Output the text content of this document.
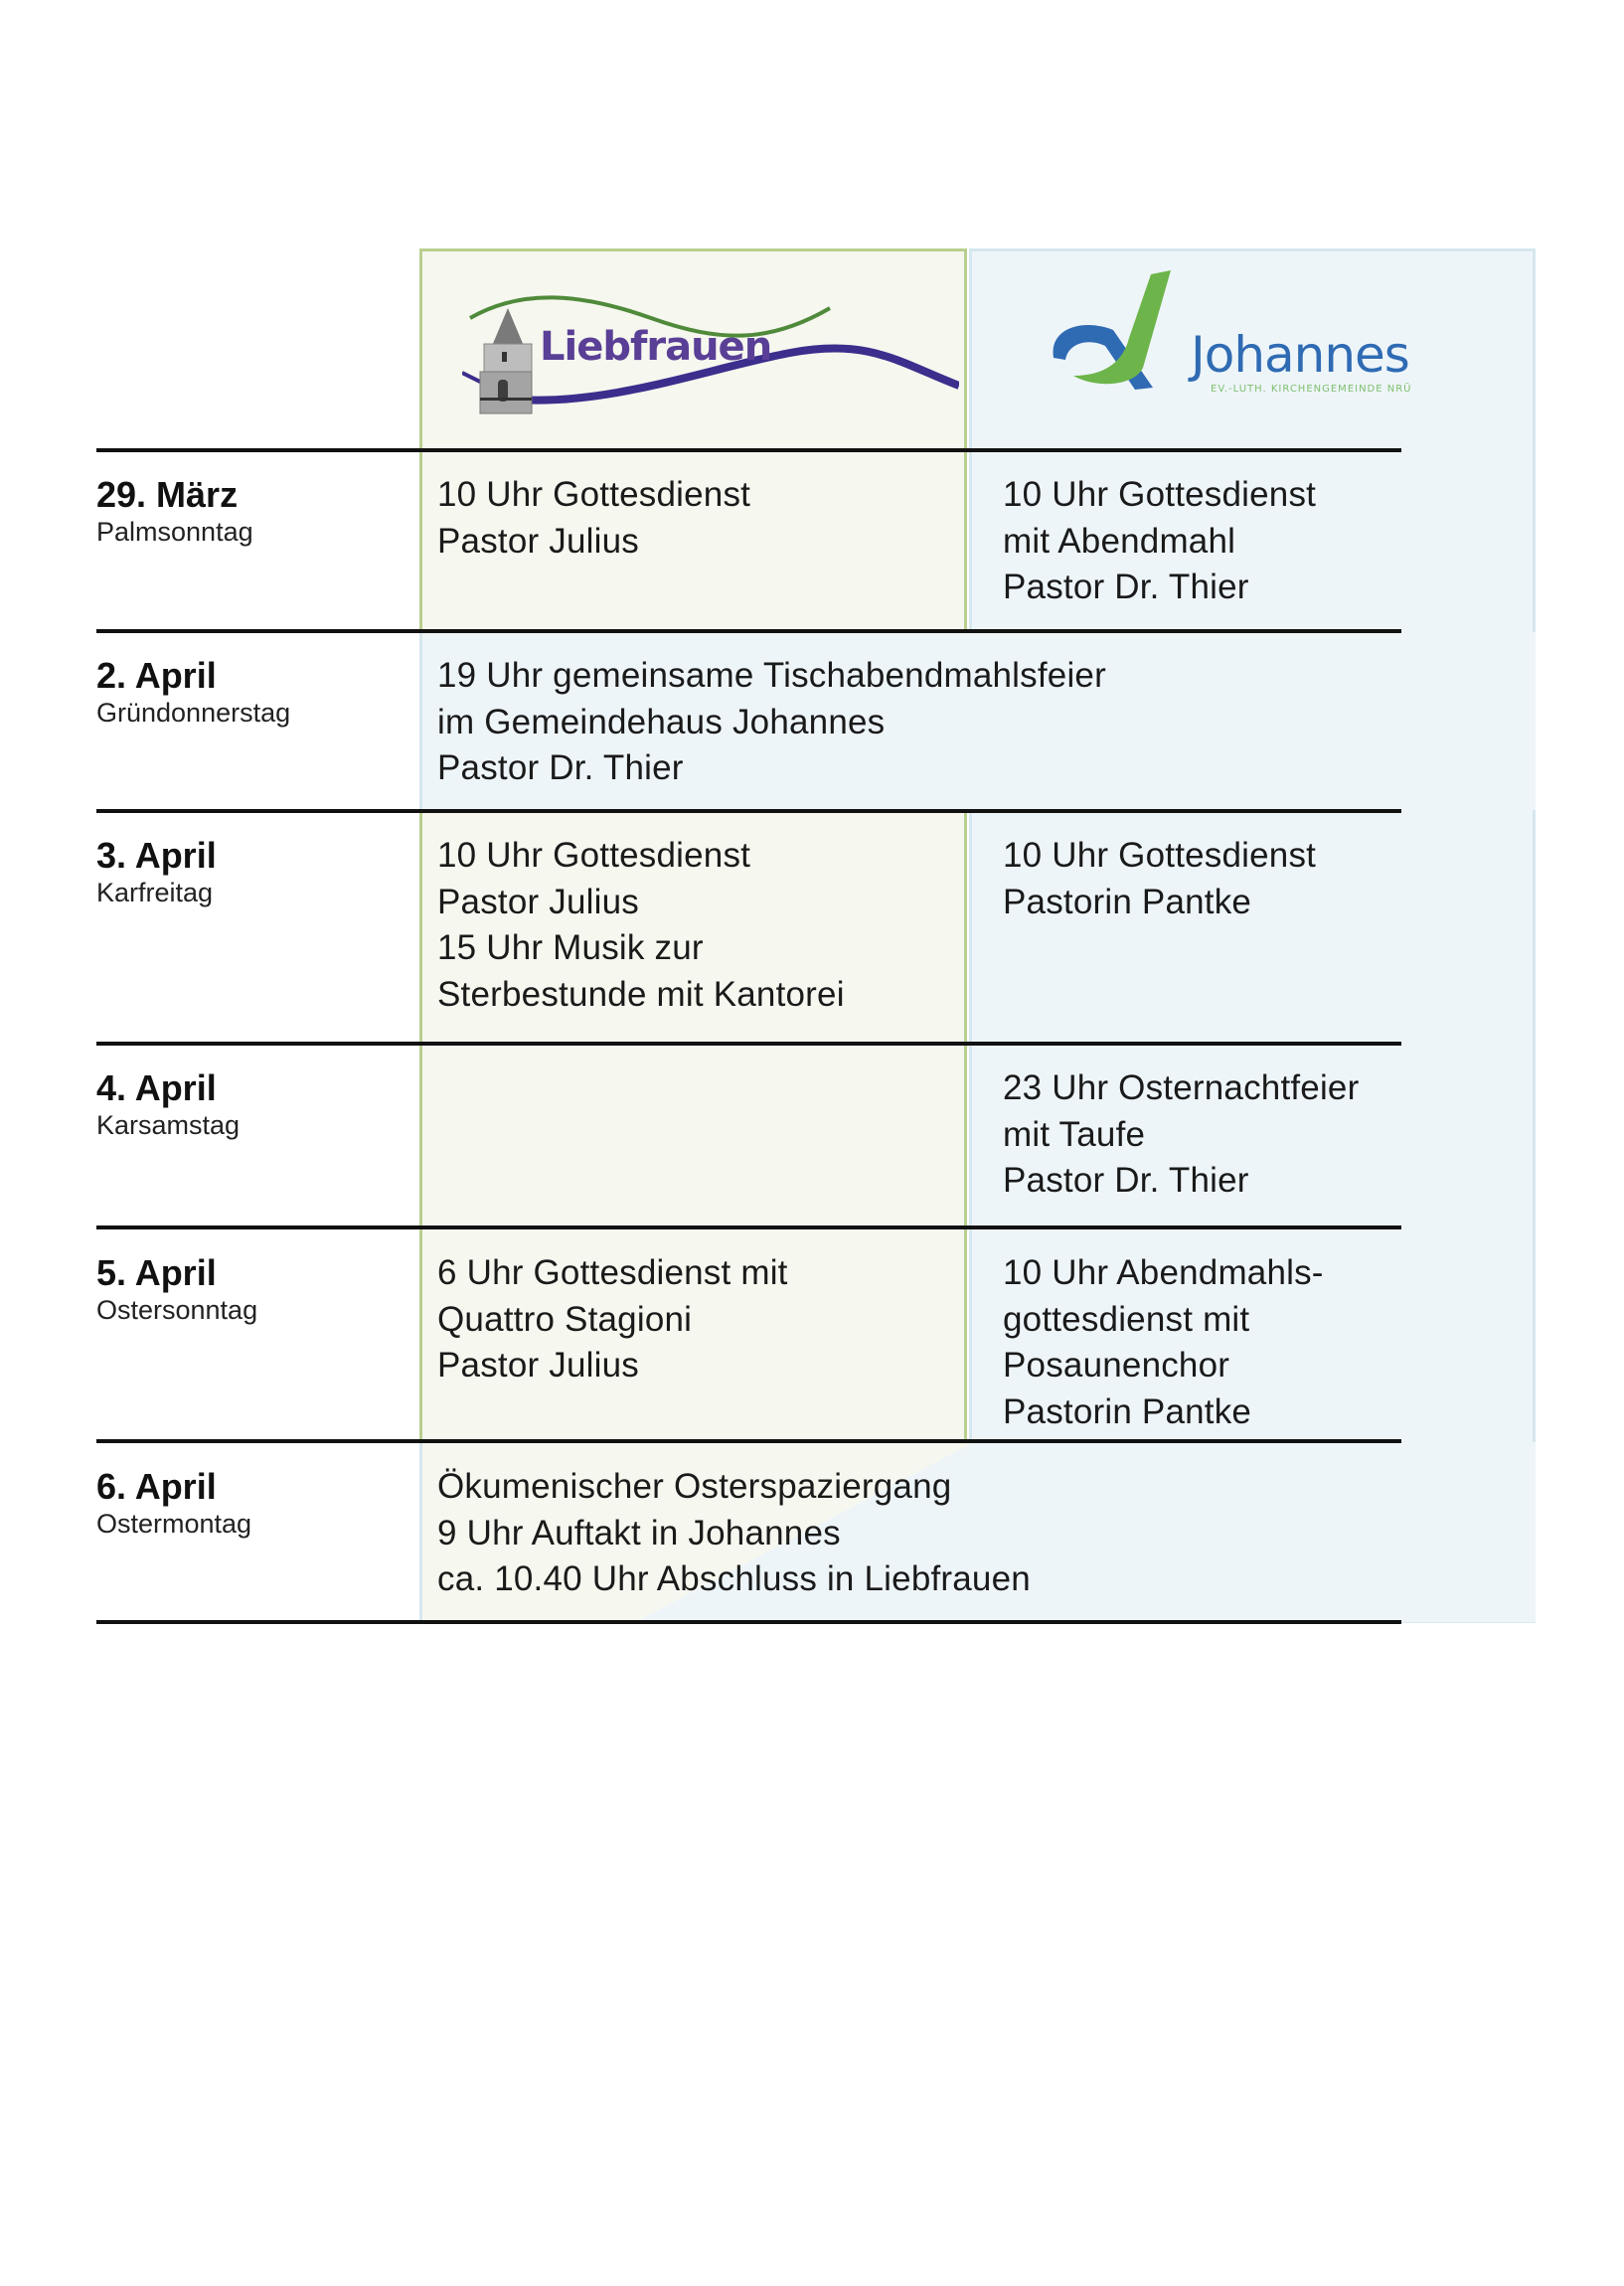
Liebfrauen	Johannes
EV.-LUTH. KIRCHENGEMEINDE NRÜ
29. März
Palmsonntag
10 Uhr Gottesdienst
Pastor Julius
10 Uhr Gottesdienst
mit Abendmahl
Pastor Dr. Thier
2. April
Gründonnerstag
19 Uhr gemeinsame Tischabendmahlsfeier
im Gemeindehaus Johannes
Pastor Dr. Thier
3. April
Karfreitag
10 Uhr Gottesdienst
Pastor Julius
15 Uhr Musik zur
Sterbestunde mit Kantorei
10 Uhr Gottesdienst
Pastorin Pantke
4. April
Karsamstag
23 Uhr Osternachtfeier
mit Taufe
Pastor Dr. Thier
5. April
Ostersonntag
6 Uhr Gottesdienst mit
Quattro Stagioni
Pastor Julius
10 Uhr Abendmahls-
gottesdienst mit
Posaunenchor
Pastorin Pantke
6. April
Ostermontag
Ökumenischer Osterspaziergang
9 Uhr Auftakt in Johannes
ca. 10.40 Uhr Abschluss in Liebfrauen
